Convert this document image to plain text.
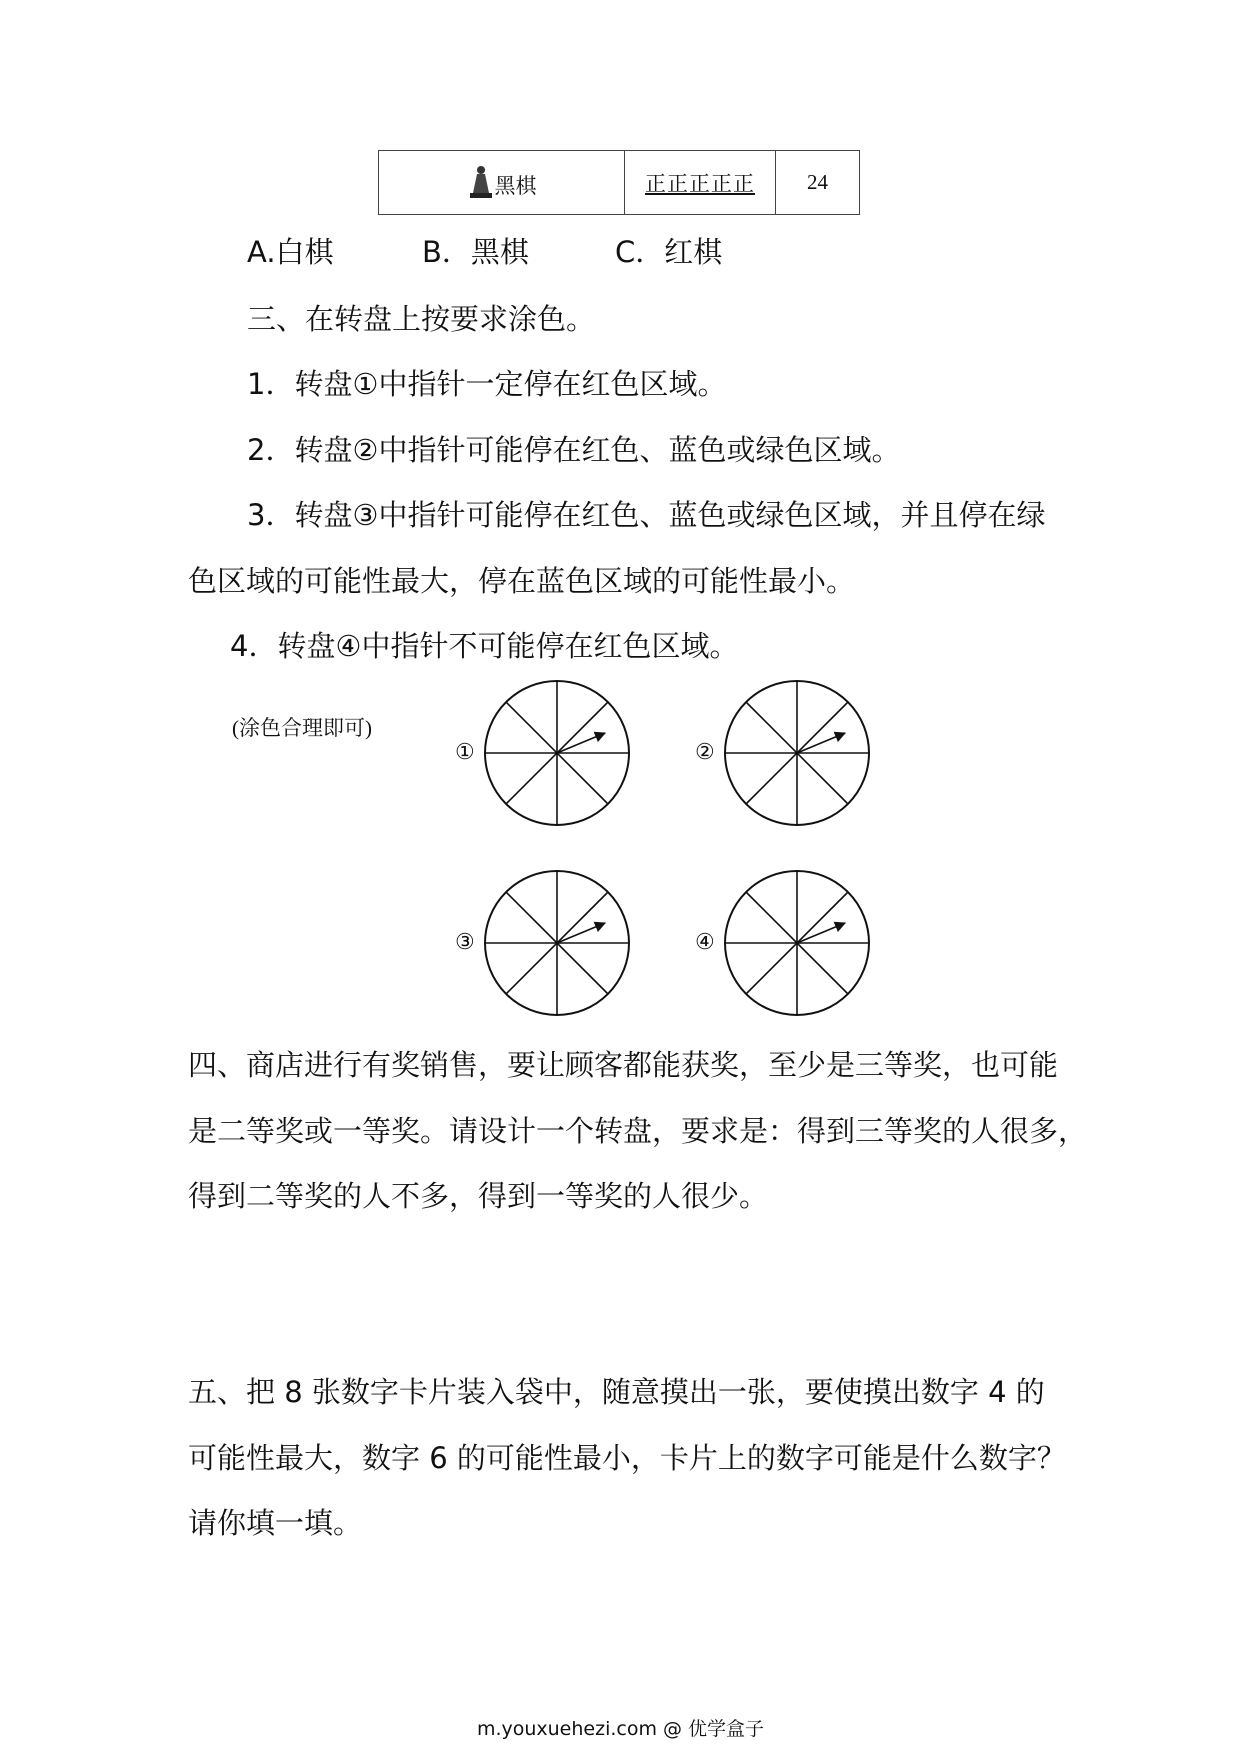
黑棋	正正正正正	24
A.白棋	B．黑棋	C．红棋
三、在转盘上按要求涂色。
1．转盘①中指针一定停在红色区域。
2．转盘②中指针可能停在红色、蓝色或绿色区域。
3．转盘③中指针可能停在红色、蓝色或绿色区域，并且停在绿
色区域的可能性最大，停在蓝色区域的可能性最小。
4．转盘④中指针不可能停在红色区域。
(涂色合理即可)
①	②
③	④
四、商店进行有奖销售，要让顾客都能获奖，至少是三等奖，也可能
是二等奖或一等奖。请设计一个转盘，要求是：得到三等奖的人很多，
得到二等奖的人不多，得到一等奖的人很少。
五、把 8 张数字卡片装入袋中，随意摸出一张，要使摸出数字 4 的
可能性最大，数字 6 的可能性最小，卡片上的数字可能是什么数字？
请你填一填。
m.youxuehezi.com @ 优学盒子
